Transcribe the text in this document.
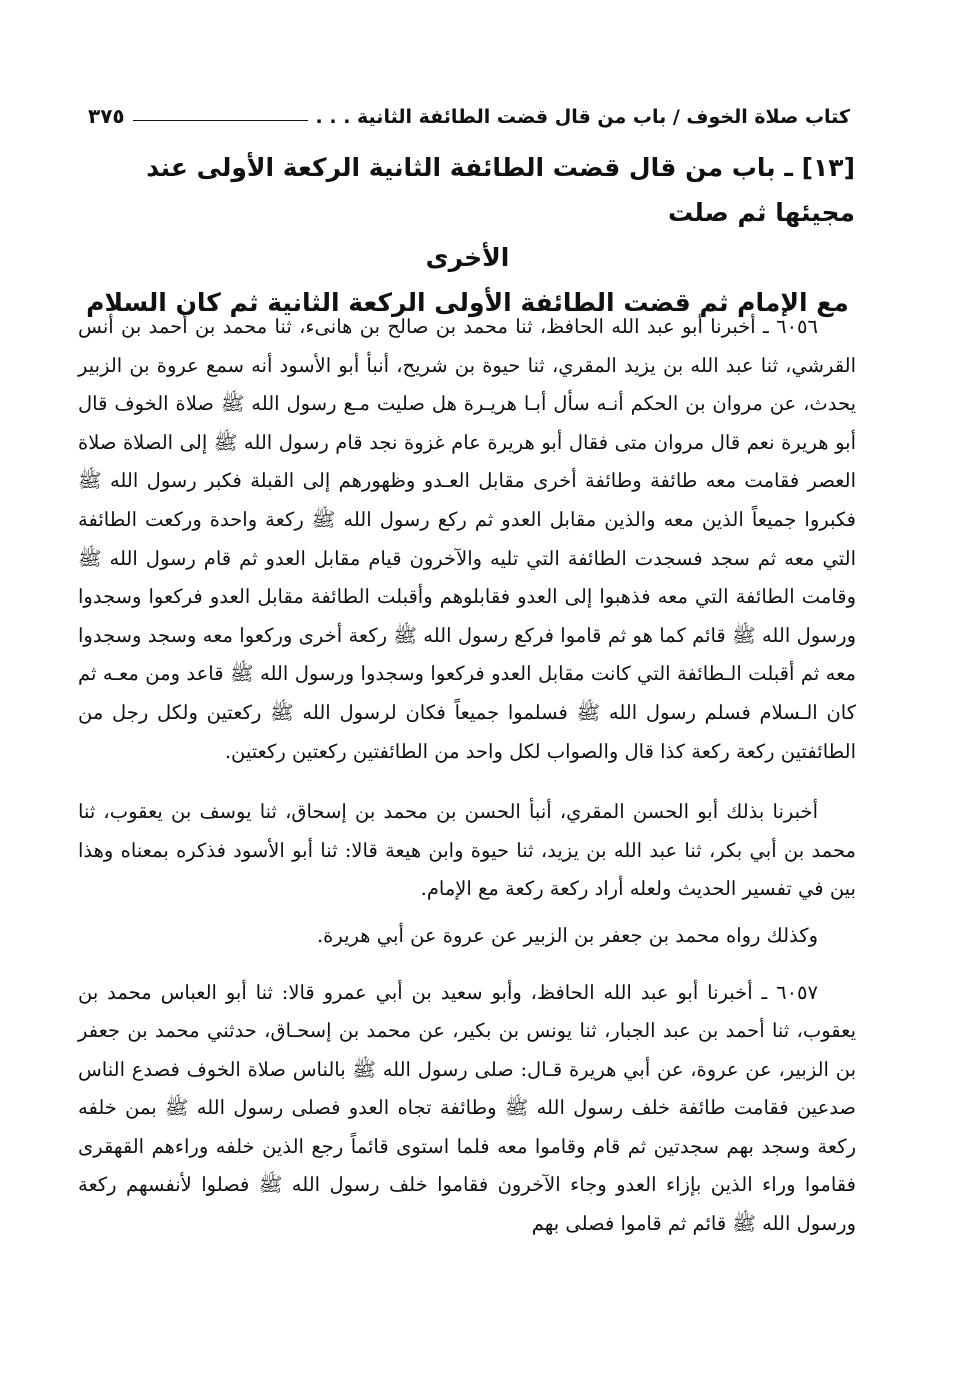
كتاب صلاة الخوف / باب من قال قضت الطائفة الثانية . . .
٣٧٥
[١٣] ـ باب من قال قضت الطائفة الثانية الركعة الأولى عند مجيئها ثم صلت
الأخرى
مع الإمام ثم قضت الطائفة الأولى الركعة الثانية ثم كان السلام

٦٠٥٦ ـ أخبرنا أبو عبد الله الحافظ، ثنا محمد بن صالح بن هانىء، ثنا محمد بن أحمد بن أنس القرشي، ثنا عبد الله بن يزيد المقري، ثنا حيوة بن شريح، أنبأ أبو الأسود أنه سمع عروة بن الزبير يحدث، عن مروان بن الحكم أنـه سأل أبـا هريـرة هل صليت مـع رسول الله ﷺ صلاة الخوف قال أبو هريرة نعم قال مروان متى فقال أبو هريرة عام غزوة نجد قام رسول الله ﷺ إلى الصلاة صلاة العصر فقامت معه طائفة وطائفة أخرى مقابل العـدو وظهورهم إلى القبلة فكبر رسول الله ﷺ فكبروا جميعاً الذين معه والذين مقابل العدو ثم ركع رسول الله ﷺ ركعة واحدة وركعت الطائفة التي معه ثم سجد فسجدت الطائفة التي تليه والآخرون قيام مقابل العدو ثم قام رسول الله ﷺ وقامت الطائفة التي معه فذهبوا إلى العدو فقابلوهم وأقبلت الطائفة مقابل العدو فركعوا وسجدوا ورسول الله ﷺ قائم كما هو ثم قاموا فركع رسول الله ﷺ ركعة أخرى وركعوا معه وسجد وسجدوا معه ثم أقبلت الـطائفة التي كانت مقابل العدو فركعوا وسجدوا ورسول الله ﷺ قاعد ومن معـه ثم كان الـسلام فسلم رسول الله ﷺ فسلموا جميعاً فكان لرسول الله ﷺ ركعتين ولكل رجل من الطائفتين ركعة ركعة كذا قال والصواب لكل واحد من الطائفتين ركعتين ركعتين.

أخبرنا بذلك أبو الحسن المقري، أنبأ الحسن بن محمد بن إسحاق، ثنا يوسف بن يعقوب، ثنا محمد بن أبي بكر، ثنا عبد الله بن يزيد، ثنا حيوة وابن هيعة قالا: ثنا أبو الأسود فذكره بمعناه وهذا بين في تفسير الحديث ولعله أراد ركعة ركعة مع الإمام.

وكذلك رواه محمد بن جعفر بن الزبير عن عروة عن أبي هريرة.

٦٠٥٧ ـ أخبرنا أبو عبد الله الحافظ، وأبو سعيد بن أبي عمرو قالا: ثنا أبو العباس محمد بن يعقوب، ثنا أحمد بن عبد الجبار، ثنا يونس بن بكير، عن محمد بن إسحـاق، حدثني محمد بن جعفر بن الزبير، عن عروة، عن أبي هريرة قـال: صلى رسول الله ﷺ بالناس صلاة الخوف فصدع الناس صدعين فقامت طائفة خلف رسول الله ﷺ وطائفة تجاه العدو فصلى رسول الله ﷺ بمن خلفه ركعة وسجد بهم سجدتين ثم قام وقاموا معه فلما استوى قائماً رجع الذين خلفه وراءهم القهقرى فقاموا وراء الذين بإزاء العدو وجاء الآخرون فقاموا خلف رسول الله ﷺ فصلوا لأنفسهم ركعة ورسول الله ﷺ قائم ثم قاموا فصلى بهم
